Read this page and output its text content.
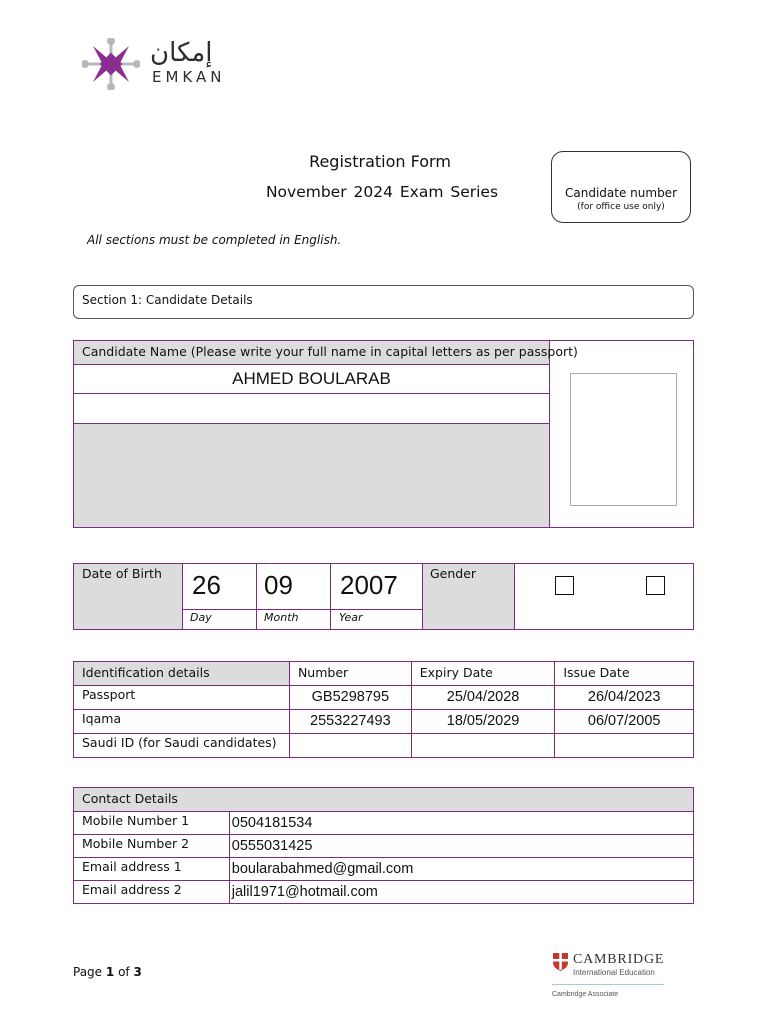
إمكان
EMKAN
Registration Form
November 2024 Exam Series	Candidate number
(for office use only)
All sections must be completed in English.
Section 1: Candidate Details
Candidate Name (Please write your full name in capital letters as per passport)
AHMED BOULARAB
Date of Birth 26 09 2007
Day	Month	Year
Gender
Identification details	Number	Expiry Date	Issue Date
Passport	GB5298795	25/04/2028	26/04/2023
Iqama	2553227493	18/05/2029	06/07/2005
Saudi ID (for Saudi candidates)			
Contact Details	
Mobile Number 1	0504181534
Mobile Number 2	0555031425
Email address 1	boularabahmed@gmail.com
Email address 2	jalil1971@hotmail.com
Page 1 of 3
CAMBRIDGE
International Education
Cambridge Associate
